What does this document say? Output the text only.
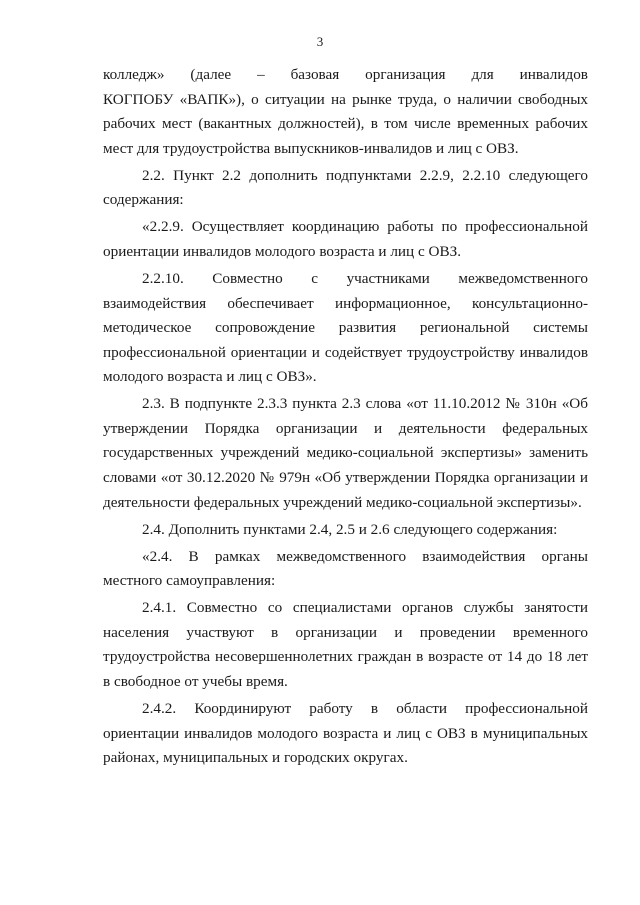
3
колледж» (далее – базовая организация для инвалидов

КОГПОБУ «ВАПК»), о ситуации на рынке труда, о наличии свободных рабочих мест (вакантных должностей), в том числе временных рабочих мест для трудоустройства выпускников-инвалидов и лиц с ОВЗ.

2.2. Пункт 2.2 дополнить подпунктами 2.2.9, 2.2.10 следующего содержания:

«2.2.9. Осуществляет координацию работы по профессиональной ориентации инвалидов молодого возраста и лиц с ОВЗ.

2.2.10. Совместно с участниками межведомственного

взаимодействия обеспечивает информационное, консультационно-методическое сопровождение развития региональной системы профессиональной ориентации и содействует трудоустройству инвалидов молодого возраста и лиц с ОВЗ».

2.3. В подпункте 2.3.3 пункта 2.3 слова «от 11.10.2012 № 310н «Об утверждении Порядка организации и деятельности федеральных государственных учреждений медико-социальной экспертизы» заменить словами «от 30.12.2020 № 979н «Об утверждении Порядка организации и деятельности федеральных учреждений медико-социальной экспертизы».

2.4. Дополнить пунктами 2.4, 2.5 и 2.6 следующего содержания:

«2.4. В рамках межведомственного взаимодействия органы местного самоуправления:

2.4.1. Совместно со специалистами органов службы занятости населения участвуют в организации и проведении временного трудоустройства несовершеннолетних граждан в возрасте от 14 до 18 лет в свободное от учебы время.

2.4.2. Координируют работу в области профессиональной ориентации инвалидов молодого возраста и лиц с ОВЗ в муниципальных районах, муниципальных и городских округах.
